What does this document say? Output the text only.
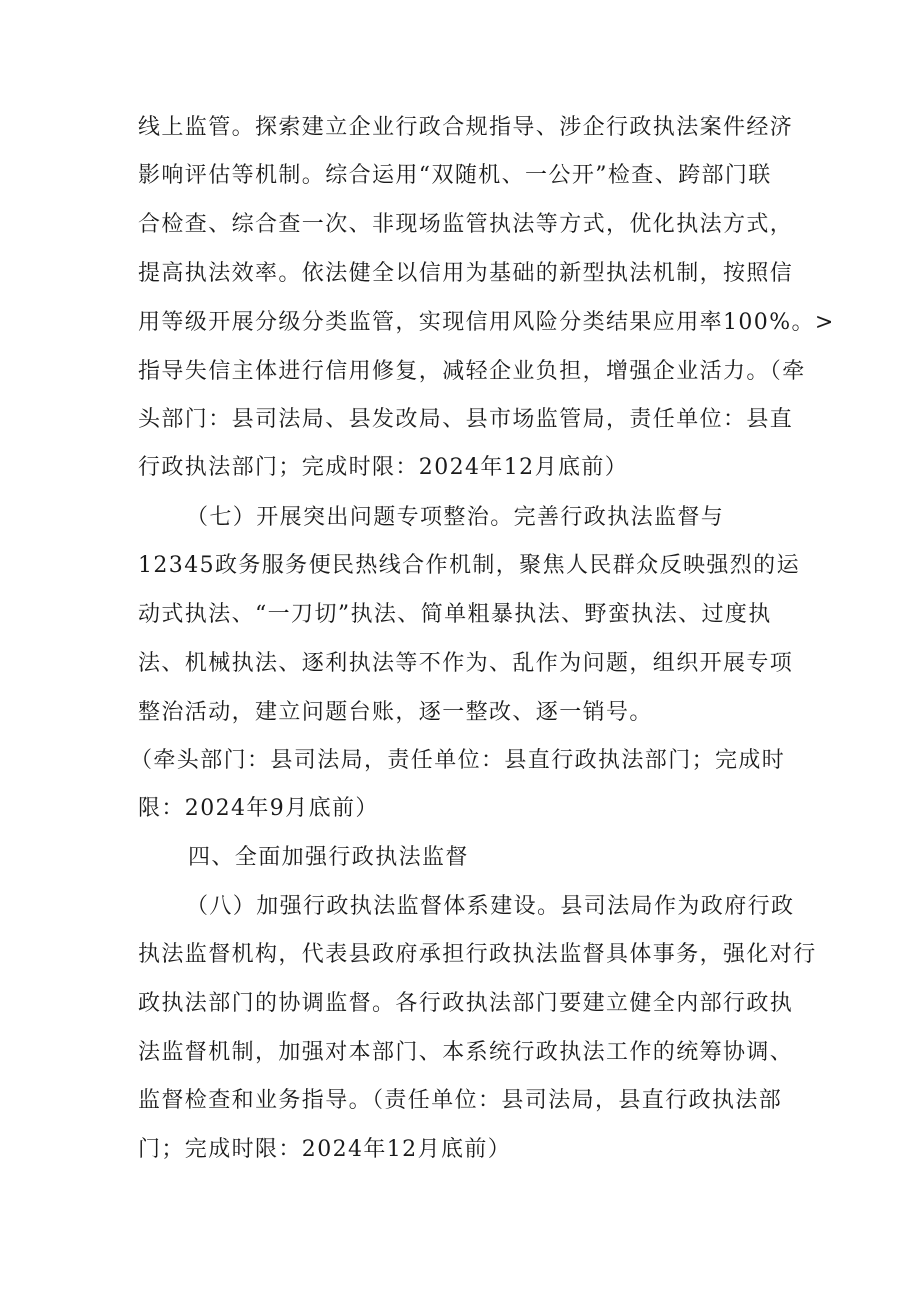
线上监管。探索建立企业行政合规指导、涉企行政执法案件经济
影响评估等机制。综合运用“双随机、一公开”检查、跨部门联
合检查、综合查一次、非现场监管执法等方式，优化执法方式，
提高执法效率。依法健全以信用为基础的新型执法机制，按照信
用等级开展分级分类监管，实现信用风险分类结果应用率100%。>
指导失信主体进行信用修复，减轻企业负担，增强企业活力。（牵
头部门：县司法局、县发改局、县市场监管局，责任单位：县直
行政执法部门；完成时限：2024年12月底前）
（七）开展突出问题专项整治。完善行政执法监督与
12345政务服务便民热线合作机制，聚焦人民群众反映强烈的运
动式执法、“一刀切”执法、简单粗暴执法、野蛮执法、过度执
法、机械执法、逐利执法等不作为、乱作为问题，组织开展专项
整治活动，建立问题台账，逐一整改、逐一销号。
（牵头部门：县司法局，责任单位：县直行政执法部门；完成时
限：2024年9月底前）
四、全面加强行政执法监督
（八）加强行政执法监督体系建设。县司法局作为政府行政
执法监督机构，代表县政府承担行政执法监督具体事务，强化对行
政执法部门的协调监督。各行政执法部门要建立健全内部行政执
法监督机制，加强对本部门、本系统行政执法工作的统筹协调、
监督检查和业务指导。（责任单位：县司法局，县直行政执法部
门；完成时限：2024年12月底前）
